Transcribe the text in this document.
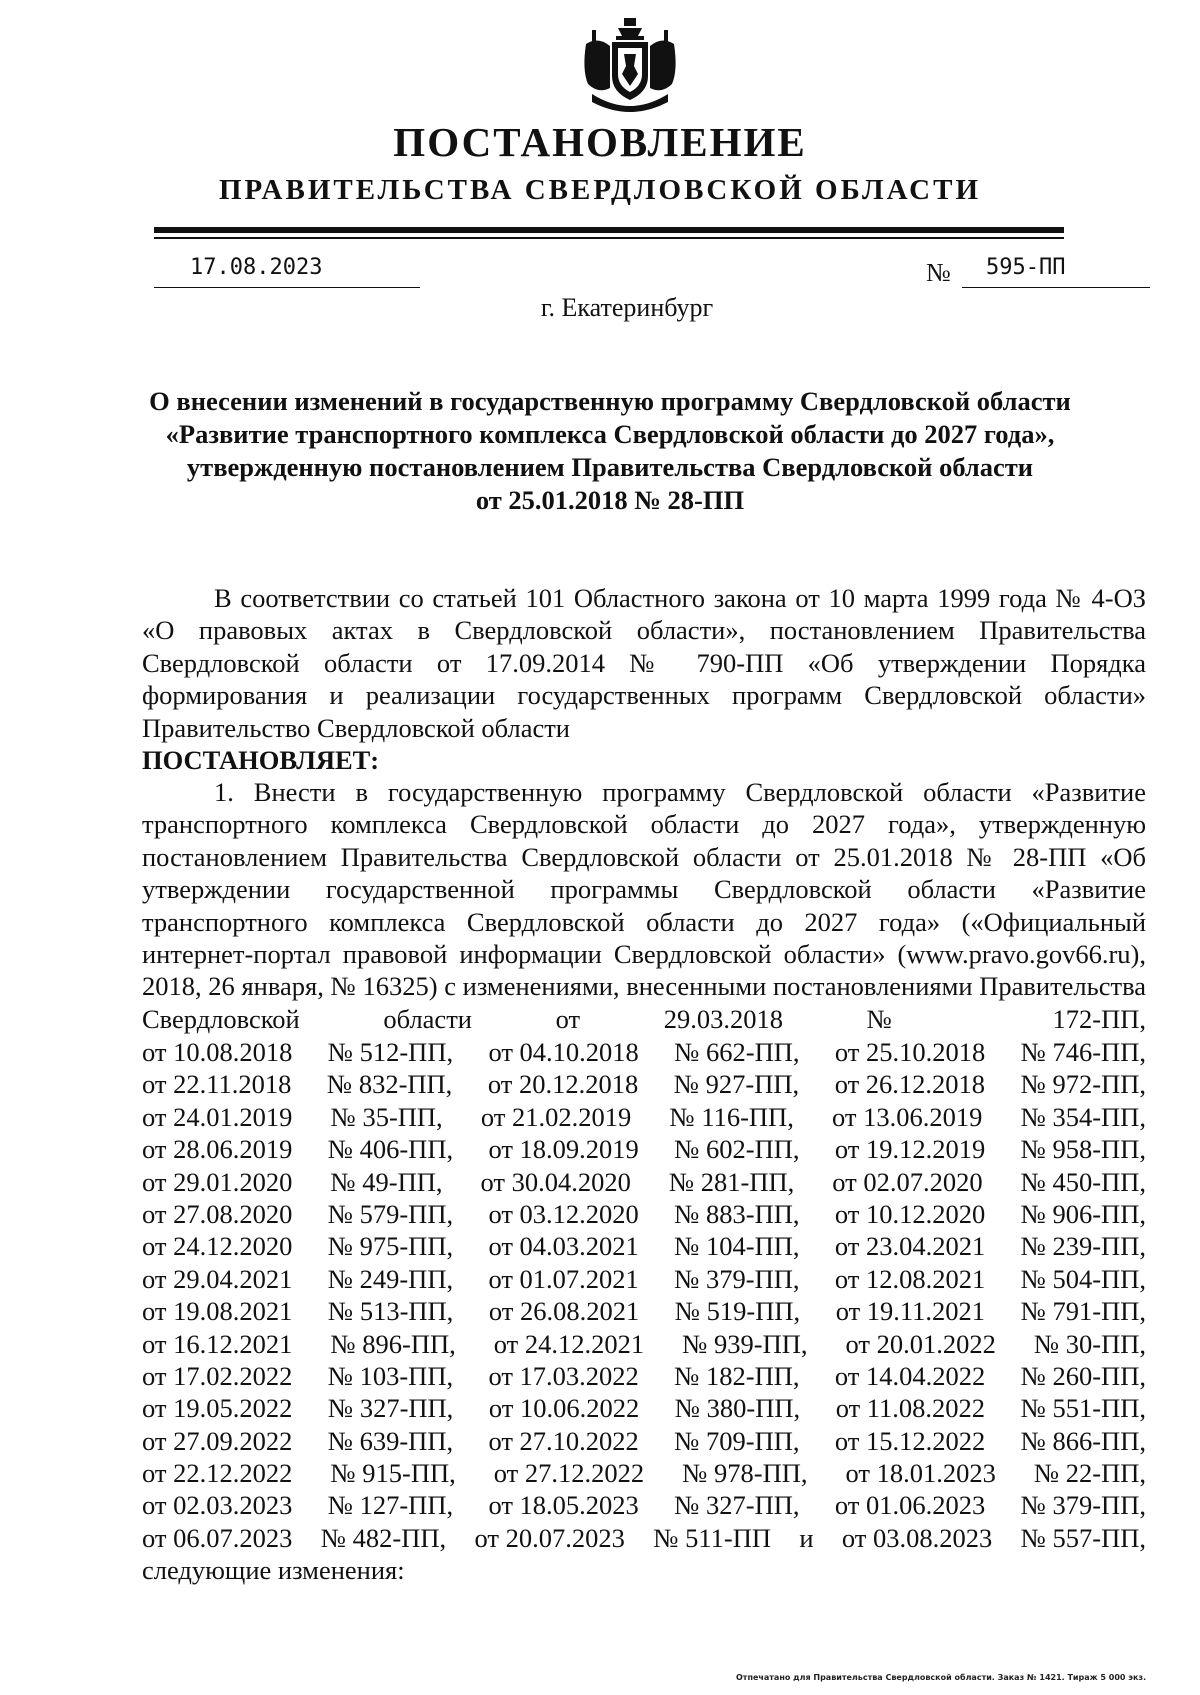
ПОСТАНОВЛЕНИЕ
ПРАВИТЕЛЬСТВА СВЕРДЛОВСКОЙ ОБЛАСТИ
17.08.2023	№	595-ПП
г. Екатеринбург
О внесении изменений в государственную программу Свердловской области
«Развитие транспортного комплекса Свердловской области до 2027 года»,
утвержденную постановлением Правительства Свердловской области
от 25.01.2018 № 28-ПП
В соответствии со статьей 101 Областного закона от 10 марта 1999 года № 4-ОЗ «О правовых актах в Свердловской области», постановлением Правительства Свердловской области от 17.09.2014 № 790-ПП «Об утверждении Порядка формирования и реализации государственных программ Свердловской области» Правительство Свердловской области
ПОСТАНОВЛЯЕТ:
1. Внести в государственную программу Свердловской области «Развитие транспортного комплекса Свердловской области до 2027 года», утвержденную постановлением Правительства Свердловской области от 25.01.2018 № 28-ПП «Об утверждении государственной программы Свердловской области «Развитие транспортного комплекса Свердловской области до 2027 года» («Официальный интернет-портал правовой информации Свердловской области» (www.pravo.gov66.ru), 2018, 26 января, № 16325) с изменениями, внесенными постановлениями Правительства Свердловской области от 29.03.2018 № 172-ПП,
от 10.08.2018 № 512-ПП, от 04.10.2018 № 662-ПП, от 25.10.2018 № 746-ПП,
от 22.11.2018 № 832-ПП, от 20.12.2018 № 927-ПП, от 26.12.2018 № 972-ПП,
от 24.01.2019 № 35-ПП, от 21.02.2019 № 116-ПП, от 13.06.2019 № 354-ПП,
от 28.06.2019 № 406-ПП, от 18.09.2019 № 602-ПП, от 19.12.2019 № 958-ПП,
от 29.01.2020 № 49-ПП, от 30.04.2020 № 281-ПП, от 02.07.2020 № 450-ПП,
от 27.08.2020 № 579-ПП, от 03.12.2020 № 883-ПП, от 10.12.2020 № 906-ПП,
от 24.12.2020 № 975-ПП, от 04.03.2021 № 104-ПП, от 23.04.2021 № 239-ПП,
от 29.04.2021 № 249-ПП, от 01.07.2021 № 379-ПП, от 12.08.2021 № 504-ПП,
от 19.08.2021 № 513-ПП, от 26.08.2021 № 519-ПП, от 19.11.2021 № 791-ПП,
от 16.12.2021 № 896-ПП, от 24.12.2021 № 939-ПП, от 20.01.2022 № 30-ПП,
от 17.02.2022 № 103-ПП, от 17.03.2022 № 182-ПП, от 14.04.2022 № 260-ПП,
от 19.05.2022 № 327-ПП, от 10.06.2022 № 380-ПП, от 11.08.2022 № 551-ПП,
от 27.09.2022 № 639-ПП, от 27.10.2022 № 709-ПП, от 15.12.2022 № 866-ПП,
от 22.12.2022 № 915-ПП, от 27.12.2022 № 978-ПП, от 18.01.2023 № 22-ПП,
от 02.03.2023 № 127-ПП, от 18.05.2023 № 327-ПП, от 01.06.2023 № 379-ПП,
от 06.07.2023 № 482-ПП, от 20.07.2023 № 511-ПП и от 03.08.2023 № 557-ПП,
следующие изменения:
Отпечатано для Правительства Свердловской области. Заказ № 1421. Тираж 5 000 экз.
